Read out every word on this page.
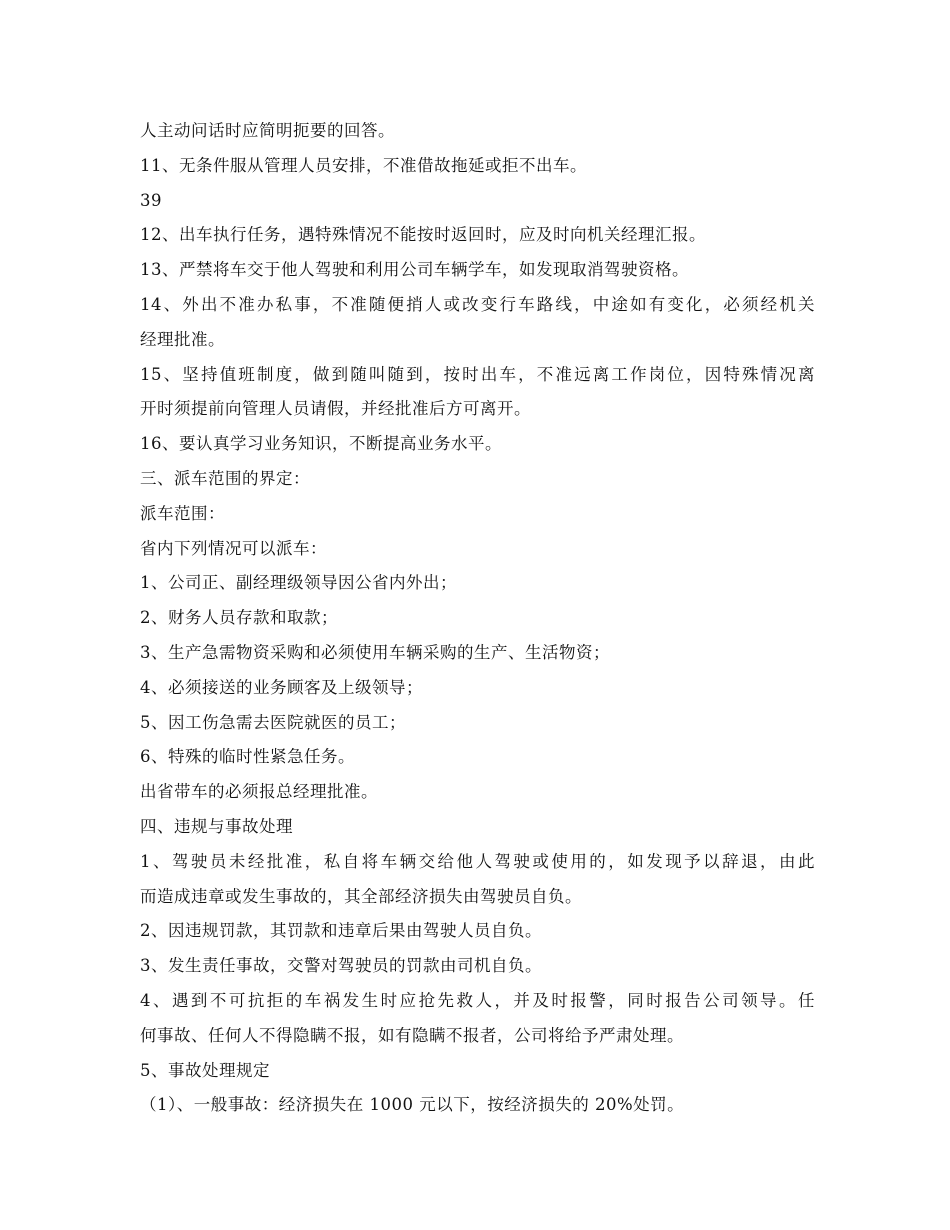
人主动问话时应简明扼要的回答。
11、无条件服从管理人员安排，不准借故拖延或拒不出车。
39
12、出车执行任务，遇特殊情况不能按时返回时，应及时向机关经理汇报。
13、严禁将车交于他人驾驶和利用公司车辆学车，如发现取消驾驶资格。
14、外出不准办私事，不准随便捎人或改变行车路线，中途如有变化，必须经机关
经理批准。
15、坚持值班制度，做到随叫随到，按时出车，不准远离工作岗位，因特殊情况离
开时须提前向管理人员请假，并经批准后方可离开。
16、要认真学习业务知识，不断提高业务水平。
三、派车范围的界定：
派车范围：
省内下列情况可以派车：
1、公司正、副经理级领导因公省内外出；
2、财务人员存款和取款；
3、生产急需物资采购和必须使用车辆采购的生产、生活物资；
4、必须接送的业务顾客及上级领导；
5、因工伤急需去医院就医的员工；
6、特殊的临时性紧急任务。
出省带车的必须报总经理批准。
四、违规与事故处理
1、驾驶员未经批准，私自将车辆交给他人驾驶或使用的，如发现予以辞退，由此
而造成违章或发生事故的，其全部经济损失由驾驶员自负。
2、因违规罚款，其罚款和违章后果由驾驶人员自负。
3、发生责任事故，交警对驾驶员的罚款由司机自负。
4、遇到不可抗拒的车祸发生时应抢先救人，并及时报警，同时报告公司领导。任
何事故、任何人不得隐瞒不报，如有隐瞒不报者，公司将给予严肃处理。
5、事故处理规定
（1）、一般事故：经济损失在 1000 元以下，按经济损失的 20%处罚。
